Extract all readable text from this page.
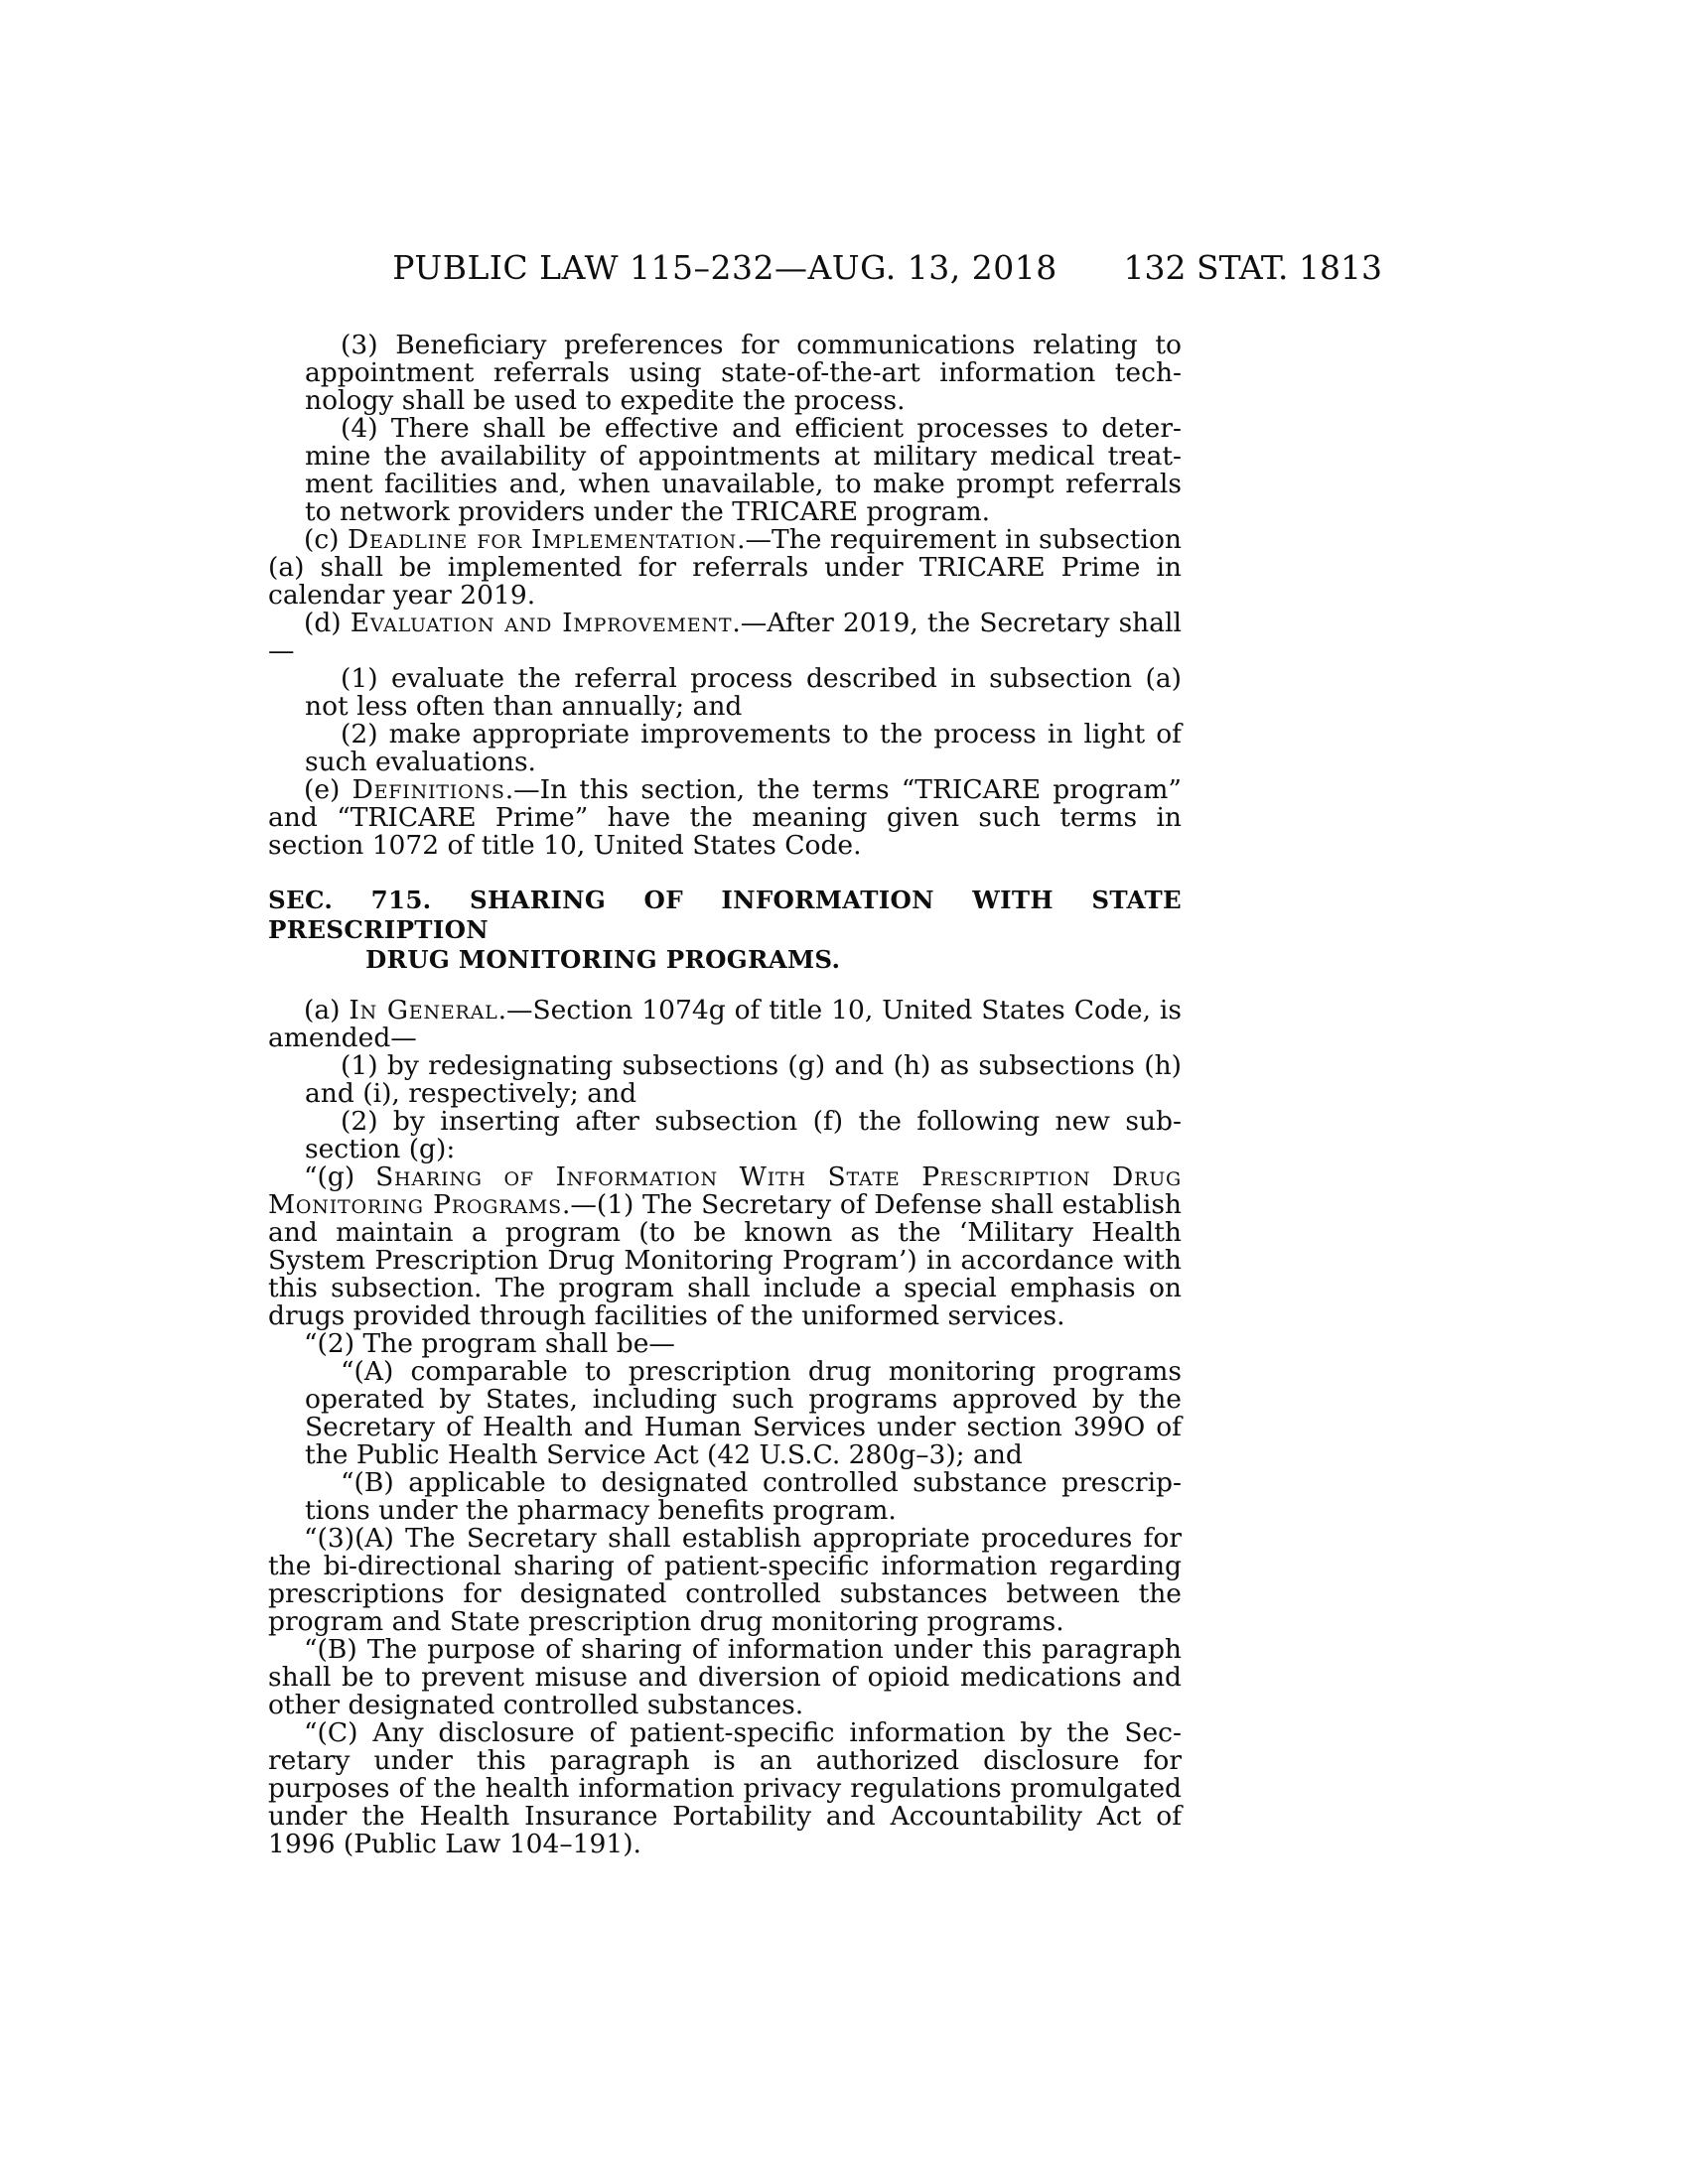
PUBLIC LAW 115–232—AUG. 13, 2018	132 STAT. 1813

(3) Beneficiary preferences for communications relating to appointment referrals using state-of-the-art information technology shall be used to expedite the process.

(4) There shall be effective and efficient processes to determine the availability of appointments at military medical treatment facilities and, when unavailable, to make prompt referrals to network providers under the TRICARE program.

(c) Deadline for Implementation.—The requirement in subsection (a) shall be implemented for referrals under TRICARE Prime in calendar year 2019.

(d) Evaluation and Improvement.—After 2019, the Secretary shall—

(1) evaluate the referral process described in subsection (a) not less often than annually; and

(2) make appropriate improvements to the process in light of such evaluations.

(e) Definitions.—In this section, the terms “TRICARE program” and “TRICARE Prime” have the meaning given such terms in section 1072 of title 10, United States Code.

SEC. 715. SHARING OF INFORMATION WITH STATE PRESCRIPTION
DRUG MONITORING PROGRAMS.

(a) In General.—Section 1074g of title 10, United States Code, is amended—

(1) by redesignating subsections (g) and (h) as subsections (h) and (i), respectively; and

(2) by inserting after subsection (f) the following new subsection (g):

“(g) Sharing of Information With State Prescription Drug Monitoring Programs.—(1) The Secretary of Defense shall establish and maintain a program (to be known as the ‘Military Health System Prescription Drug Monitoring Program’) in accordance with this subsection. The program shall include a special emphasis on drugs provided through facilities of the uniformed services.

“(2) The program shall be—

“(A) comparable to prescription drug monitoring programs operated by States, including such programs approved by the Secretary of Health and Human Services under section 399O of the Public Health Service Act (42 U.S.C. 280g–3); and

“(B) applicable to designated controlled substance prescriptions under the pharmacy benefits program.

“(3)(A) The Secretary shall establish appropriate procedures for the bi-directional sharing of patient-specific information regarding prescriptions for designated controlled substances between the program and State prescription drug monitoring programs.

“(B) The purpose of sharing of information under this paragraph shall be to prevent misuse and diversion of opioid medications and other designated controlled substances.

“(C) Any disclosure of patient-specific information by the Secretary under this paragraph is an authorized disclosure for purposes of the health information privacy regulations promulgated under the Health Insurance Portability and Accountability Act of 1996 (Public Law 104–191).
